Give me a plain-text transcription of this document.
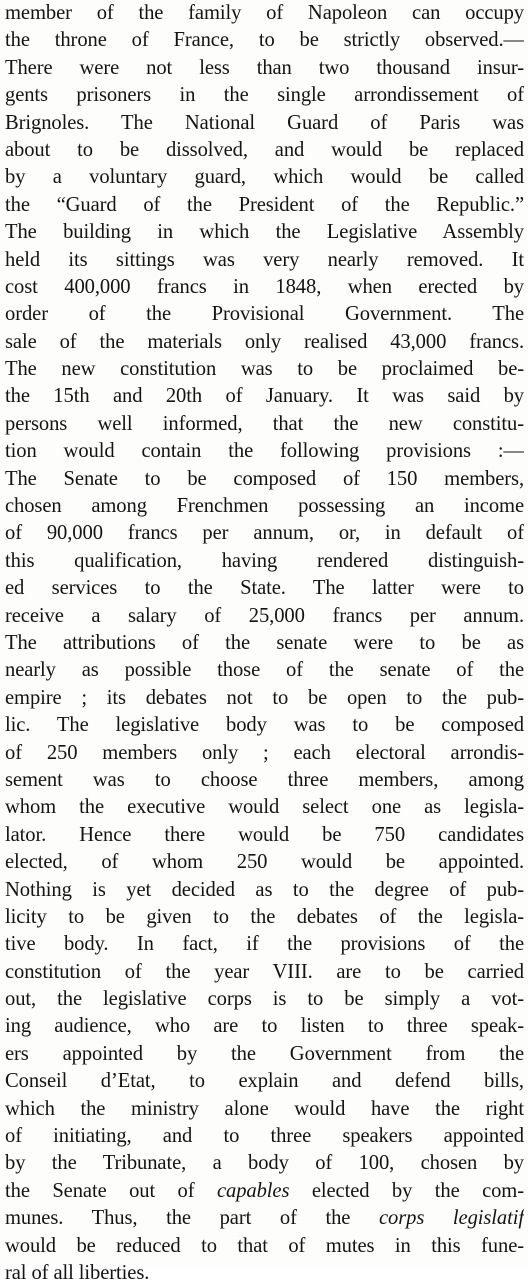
member of the family of Napoleon can occupy
the throne of France, to be strictly observed.—
There were not less than two thousand insur-
gents prisoners in the single arrondissement of
Brignoles. The National Guard of Paris was
about to be dissolved, and would be replaced
by a voluntary guard, which would be called
the “Guard of the President of the Republic.”
The building in which the Legislative Assembly
held its sittings was very nearly removed. It
cost 400,000 francs in 1848, when erected by
order of the Provisional Government. The
sale of the materials only realised 43,000 francs.
The new constitution was to be proclaimed be-
the 15th and 20th of January. It was said by
persons well informed, that the new constitu-
tion would contain the following provisions :—
The Senate to be composed of 150 members,
chosen among Frenchmen possessing an income
of 90,000 francs per annum, or, in default of
this qualification, having rendered distinguish-
ed services to the State. The latter were to
receive a salary of 25,000 francs per annum.
The attributions of the senate were to be as
nearly as possible those of the senate of the
empire ; its debates not to be open to the pub-
lic. The legislative body was to be composed
of 250 members only ; each electoral arrondis-
sement was to choose three members, among
whom the executive would select one as legisla-
lator. Hence there would be 750 candidates
elected, of whom 250 would be appointed.
Nothing is yet decided as to the degree of pub-
licity to be given to the debates of the legisla-
tive body. In fact, if the provisions of the
constitution of the year VIII. are to be carried
out, the legislative corps is to be simply a vot-
ing audience, who are to listen to three speak-
ers appointed by the Government from the
Conseil d’Etat, to explain and defend bills,
which the ministry alone would have the right
of initiating, and to three speakers appointed
by the Tribunate, a body of 100, chosen by
the Senate out of capables elected by the com-
munes. Thus, the part of the corps legislatif
would be reduced to that of mutes in this fune-
ral of all liberties.
